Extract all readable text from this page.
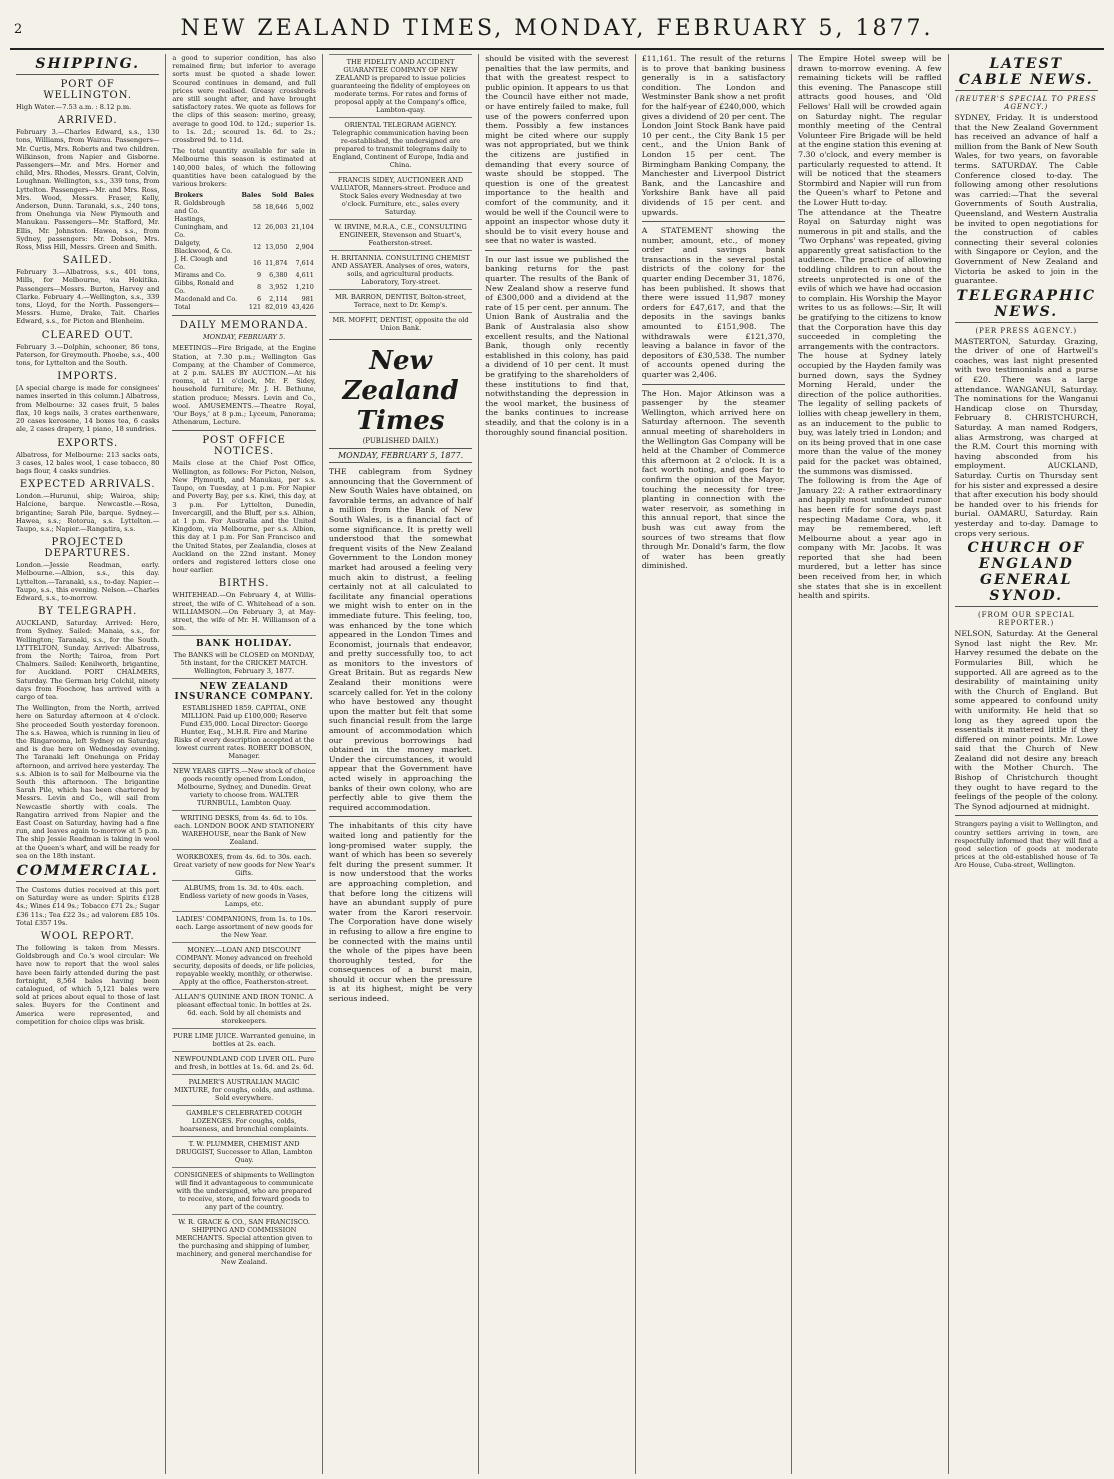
2	NEW ZEALAND TIMES, MONDAY, FEBRUARY 5, 1877.
SHIPPING.
PORT OF WELLINGTON.

High Water.—7.53 a.m. : 8.12 p.m.

ARRIVED.

February 3.—Charles Edward, s.s., 130 tons, Williams, from Wairau. Passengers—Mr. Curtis, Mrs. Roberts and two children. Wilkinson, from Napier and Gisborne. Passengers—Mr. and Mrs. Horner and child, Mrs. Rhodes, Messrs. Grant, Colvin, Loughnan. Wellington, s.s., 339 tons, from Lyttelton. Passengers—Mr. and Mrs. Ross, Mrs. Wood, Messrs. Fraser, Kelly, Anderson, Dunn. Taranaki, s.s., 240 tons, from Onehunga via New Plymouth and Manukau. Passengers—Mr. Stafford, Mr. Ellis, Mr. Johnston. Hawea, s.s., from Sydney, passengers: Mr. Dobson, Mrs. Ross, Miss Hill, Messrs. Green and Smith.

SAILED.

February 3.—Albatross, s.s., 401 tons, Mills, for Melbourne, via Hokitika. Passengers—Messrs. Burton, Harvey and Clarke. February 4.—Wellington, s.s., 339 tons, Lloyd, for the North. Passengers—Messrs. Hume, Drake, Tait. Charles Edward, s.s., for Picton and Blenheim.

CLEARED OUT.

February 3.—Dolphin, schooner, 86 tons, Paterson, for Greymouth. Phoebe, s.s., 400 tons, for Lyttelton and the South.

IMPORTS.

[A special charge is made for consignees' names inserted in this column.] Albatross, from Melbourne: 32 cases fruit, 5 bales flax, 10 kegs nails, 3 crates earthenware, 20 cases kerosene, 14 boxes tea, 6 casks ale, 2 cases drapery, 1 piano, 18 sundries.

EXPORTS.

Albatross, for Melbourne: 213 sacks oats, 3 cases, 12 bales wool, 1 case tobacco, 80 bags flour, 4 casks sundries.

EXPECTED ARRIVALS.

London.—Hurunui, ship; Wairoa, ship; Halcione, barque. Newcastle.—Rosa, brigantine; Sarah Pile, barque. Sydney.—Hawea, s.s.; Rotorua, s.s. Lyttelton.—Taupo, s.s.; Napier.—Rangatira, s.s.

PROJECTED DEPARTURES.

London.—Jessie Readman, early. Melbourne.—Albion, s.s., this day. Lyttelton.—Taranaki, s.s., to-day. Napier.—Taupo, s.s., this evening. Nelson.—Charles Edward, s.s., to-morrow.

BY TELEGRAPH.

AUCKLAND, Saturday. Arrived: Hero, from Sydney. Sailed: Manaia, s.s., for Wellington; Taranaki, s.s., for the South. LYTTELTON, Sunday. Arrived: Albatross, from the North; Tairoa, from Port Chalmers. Sailed: Kenilworth, brigantine, for Auckland. PORT CHALMERS, Saturday. The German brig Colchil, ninety days from Foochow, has arrived with a cargo of tea.

The Wellington, from the North, arrived here on Saturday afternoon at 4 o'clock. She proceeded South yesterday forenoon. The s.s. Hawea, which is running in lieu of the Ringarooma, left Sydney on Saturday, and is due here on Wednesday evening. The Taranaki left Onehunga on Friday afternoon, and arrived here yesterday. The s.s. Albion is to sail for Melbourne via the South this afternoon. The brigantine Sarah Pile, which has been chartered by Messrs. Levin and Co., will sail from Newcastle shortly with coals. The Rangatira arrived from Napier and the East Coast on Saturday, having had a fine run, and leaves again to-morrow at 5 p.m. The ship Jessie Readman is taking in wool at the Queen's wharf, and will be ready for sea on the 18th instant.

COMMERCIAL.

The Customs duties received at this port on Saturday were as under: Spirits £128 4s.; Wines £14 9s.; Tobacco £71 2s.; Sugar £36 11s.; Tea £22 3s.; ad valorem £85 10s. Total £357 19s.

WOOL REPORT.

The following is taken from Messrs. Goldsbrough and Co.'s wool circular: We have now to report that the wool sales have been fairly attended during the past fortnight, 8,564 bales having been catalogued, of which 5,121 bales were sold at prices about equal to those of last sales. Buyers for the Continent and America were represented, and competition for choice clips was brisk.

a good to superior condition, has also remained firm; but inferior to average sorts must be quoted a shade lower. Scoured continues in demand, and full prices were realised. Greasy crossbreds are still sought after, and have brought satisfactory rates. We quote as follows for the clips of this season: merino, greasy, average to good 10d. to 12d.; superior 1s. to 1s. 2d.; scoured 1s. 6d. to 2s.; crossbred 9d. to 11d.

The total quantity available for sale in Melbourne this season is estimated at 140,000 bales, of which the following quantities have been catalogued by the various brokers:

Brokers	Bales	Sold	Bales
R. Goldsbrough and Co.	58	18,646	5,002
Hastings, Cuningham, and Co.	12	26,003	21,104
Dalgety, Blackwood, & Co.	12	13,050	2,904
J. H. Clough and Co.	16	11,874	7,614
Mirams and Co.	9	6,380	4,611
Gibbs, Ronald and Co.	8	3,952	1,210
Macdonald and Co.	6	2,114	981
Total	121	82,019	43,426
DAILY MEMORANDA.

MONDAY, FEBRUARY 5.

MEETINGS—Fire Brigade, at the Engine Station, at 7.30 p.m.; Wellington Gas Company, at the Chamber of Commerce, at 2 p.m. SALES BY AUCTION.—At his rooms, at 11 o'clock, Mr. F. Sidey, household furniture; Mr. J. H. Bethune, station produce; Messrs. Levin and Co., wool. AMUSEMENTS.—Theatre Royal, 'Our Boys,' at 8 p.m.; Lyceum, Panorama; Athenæum, Lecture.

POST OFFICE NOTICES.

Mails close at the Chief Post Office, Wellington, as follows: For Picton, Nelson, New Plymouth, and Manukau, per s.s. Taupo, on Tuesday, at 1 p.m. For Napier and Poverty Bay, per s.s. Kiwi, this day, at 3 p.m. For Lyttelton, Dunedin, Invercargill, and the Bluff, per s.s. Albion, at 1 p.m. For Australia and the United Kingdom, via Melbourne, per s.s. Albion, this day at 1 p.m. For San Francisco and the United States, per Zealandia, closes at Auckland on the 22nd instant. Money orders and registered letters close one hour earlier.

BIRTHS.

WHITEHEAD.—On February 4, at Willis-street, the wife of C. Whitehead of a son. WILLIAMSON.—On February 3, at May-street, the wife of Mr. H. Williamson of a son.

BANK HOLIDAY.

The BANKS will be CLOSED on MONDAY, 5th instant, for the CRICKET MATCH. Wellington, February 3, 1877.

NEW ZEALAND INSURANCE COMPANY.

ESTABLISHED 1859. CAPITAL, ONE MILLION. Paid up £100,000; Reserve Fund £35,000. Local Director: George Hunter, Esq., M.H.R. Fire and Marine Risks of every description accepted at the lowest current rates. ROBERT DOBSON, Manager.

NEW YEARS GIFTS.—New stock of choice goods recently opened from London, Melbourne, Sydney, and Dunedin. Great variety to choose from. WALTER TURNBULL, Lambton Quay.

WRITING DESKS, from 4s. 6d. to 10s. each. LONDON BOOK AND STATIONERY WAREHOUSE, near the Bank of New Zealand.

WORKBOXES, from 4s. 6d. to 30s. each. Great variety of new goods for New Year's Gifts.

ALBUMS, from 1s. 3d. to 40s. each. Endless variety of new goods in Vases, Lamps, etc.

LADIES' COMPANIONS, from 1s. to 10s. each. Large assortment of new goods for the New Year.

MONEY.—LOAN AND DISCOUNT COMPANY. Money advanced on freehold security, deposits of deeds, or life policies, repayable weekly, monthly, or otherwise. Apply at the office, Featherston-street.

ALLAN'S QUININE AND IRON TONIC. A pleasant effectual tonic. In bottles at 2s. 6d. each. Sold by all chemists and storekeepers.

PURE LIME JUICE. Warranted genuine, in bottles at 2s. each.

NEWFOUNDLAND COD LIVER OIL. Pure and fresh, in bottles at 1s. 6d. and 2s. 6d.

PALMER'S AUSTRALIAN MAGIC MIXTURE, for coughs, colds, and asthma. Sold everywhere.

GAMBLE'S CELEBRATED COUGH LOZENGES. For coughs, colds, hoarseness, and bronchial complaints.

T. W. PLUMMER, CHEMIST AND DRUGGIST, Successor to Allan, Lambton Quay.

CONSIGNEES of shipments to Wellington will find it advantageous to communicate with the undersigned, who are prepared to receive, store, and forward goods to any part of the country.

W. R. GRACE & CO., SAN FRANCISCO. SHIPPING AND COMMISSION MERCHANTS. Special attention given to the purchasing and shipping of lumber, machinery, and general merchandise for New Zealand.

THE FIDELITY AND ACCIDENT GUARANTEE COMPANY OF NEW ZEALAND is prepared to issue policies guaranteeing the fidelity of employees on moderate terms. For rates and forms of proposal apply at the Company's office, Lambton-quay.

ORIENTAL TELEGRAM AGENCY. Telegraphic communication having been re-established, the undersigned are prepared to transmit telegrams daily to England, Continent of Europe, India and China.

FRANCIS SIDEY, AUCTIONEER AND VALUATOR, Manners-street. Produce and Stock Sales every Wednesday at two o'clock. Furniture, etc., sales every Saturday.

W. IRVINE, M.R.A., C.E., CONSULTING ENGINEER, Stevenson and Stuart's, Featherston-street.

H. BRITANNIA. CONSULTING CHEMIST AND ASSAYER. Analyses of ores, waters, soils, and agricultural products. Laboratory, Tory-street.

MR. BARRON, DENTIST, Bolton-street, Terrace, next to Dr. Kemp's.

MR. MOFFIT, DENTIST, opposite the old Union Bank.

New Zealand Times
(PUBLISHED DAILY.)
MONDAY, FEBRUARY 5, 1877.

THE cablegram from Sydney announcing that the Government of New South Wales have obtained, on favorable terms, an advance of half a million from the Bank of New South Wales, is a financial fact of some significance. It is pretty well understood that the somewhat frequent visits of the New Zealand Government to the London money market had aroused a feeling very much akin to distrust, a feeling certainly not at all calculated to facilitate any financial operations we might wish to enter on in the immediate future. This feeling, too, was enhanced by the tone which appeared in the London Times and Economist, journals that endeavor, and pretty successfully too, to act as monitors to the investors of Great Britain. But as regards New Zealand their monitions were scarcely called for. Yet in the colony who have bestowed any thought upon the matter but felt that some such financial result from the large amount of accommodation which our previous borrowings had obtained in the money market. Under the circumstances, it would appear that the Government have acted wisely in approaching the banks of their own colony, who are perfectly able to give them the required accommodation.

The inhabitants of this city have waited long and patiently for the long-promised water supply, the want of which has been so severely felt during the present summer. It is now understood that the works are approaching completion, and that before long the citizens will have an abundant supply of pure water from the Karori reservoir. The Corporation have done wisely in refusing to allow a fire engine to be connected with the mains until the whole of the pipes have been thoroughly tested, for the consequences of a burst main, should it occur when the pressure is at its highest, might be very serious indeed.

should be visited with the severest penalties that the law permits, and that with the greatest respect to public opinion. It appears to us that the Council have either not made, or have entirely failed to make, full use of the powers conferred upon them. Possibly a few instances might be cited where our supply was not appropriated, but we think the citizens are justified in demanding that every source of waste should be stopped. The question is one of the greatest importance to the health and comfort of the community, and it would be well if the Council were to appoint an inspector whose duty it should be to visit every house and see that no water is wasted.

In our last issue we published the banking returns for the past quarter. The results of the Bank of New Zealand show a reserve fund of £300,000 and a dividend at the rate of 15 per cent. per annum. The Union Bank of Australia and the Bank of Australasia also show excellent results, and the National Bank, though only recently established in this colony, has paid a dividend of 10 per cent. It must be gratifying to the shareholders of these institutions to find that, notwithstanding the depression in the wool market, the business of the banks continues to increase steadily, and that the colony is in a thoroughly sound financial position.

£11,161. The result of the returns is to prove that banking business generally is in a satisfactory condition. The London and Westminster Bank show a net profit for the half-year of £240,000, which gives a dividend of 20 per cent. The London Joint Stock Bank have paid 10 per cent., the City Bank 15 per cent., and the Union Bank of London 15 per cent. The Birmingham Banking Company, the Manchester and Liverpool District Bank, and the Lancashire and Yorkshire Bank have all paid dividends of 15 per cent. and upwards.

A STATEMENT showing the number, amount, etc., of money order and savings bank transactions in the several postal districts of the colony for the quarter ending December 31, 1876, has been published. It shows that there were issued 11,987 money orders for £47,617, and that the deposits in the savings banks amounted to £151,908. The withdrawals were £121,370, leaving a balance in favor of the depositors of £30,538. The number of accounts opened during the quarter was 2,406.

The Hon. Major Atkinson was a passenger by the steamer Wellington, which arrived here on Saturday afternoon. The seventh annual meeting of shareholders in the Wellington Gas Company will be held at the Chamber of Commerce this afternoon at 2 o'clock. It is a fact worth noting, and goes far to confirm the opinion of the Mayor, touching the necessity for tree-planting in connection with the water reservoir, as something in this annual report, that since the bush was cut away from the sources of two streams that flow through Mr. Donald's farm, the flow of water has been greatly diminished.

The Empire Hotel sweep will be drawn to-morrow evening. A few remaining tickets will be raffled this evening. The Panascope still attracts good houses, and 'Old Fellows' Hall will be crowded again on Saturday night. The regular monthly meeting of the Central Volunteer Fire Brigade will be held at the engine station this evening at 7.30 o'clock, and every member is particularly requested to attend. It will be noticed that the steamers Stormbird and Napier will run from the Queen's wharf to Petone and the Lower Hutt to-day.

The attendance at the Theatre Royal on Saturday night was numerous in pit and stalls, and the 'Two Orphans' was repeated, giving apparently great satisfaction to the audience. The practice of allowing toddling children to run about the streets unprotected is one of the evils of which we have had occasion to complain. His Worship the Mayor writes to us as follows:—Sir, It will be gratifying to the citizens to know that the Corporation have this day succeeded in completing the arrangements with the contractors.

The house at Sydney lately occupied by the Hayden family was burned down, says the Sydney Morning Herald, under the direction of the police authorities. The legality of selling packets of lollies with cheap jewellery in them, as an inducement to the public to buy, was lately tried in London; and on its being proved that in one case more than the value of the money paid for the packet was obtained, the summons was dismissed.

The following is from the Age of January 22: A rather extraordinary and happily most unfounded rumor has been rife for some days past respecting Madame Cora, who, it may be remembered, left Melbourne about a year ago in company with Mr. Jacobs. It was reported that she had been murdered, but a letter has since been received from her, in which she states that she is in excellent health and spirits.

LATEST CABLE NEWS.
(REUTER'S SPECIAL TO PRESS AGENCY.)

SYDNEY, Friday. It is understood that the New Zealand Government has received an advance of half a million from the Bank of New South Wales, for two years, on favorable terms. SATURDAY. The Cable Conference closed to-day. The following among other resolutions was carried:—That the several Governments of South Australia, Queensland, and Western Australia be invited to open negotiations for the construction of cables connecting their several colonies with Singapore or Ceylon, and the Government of New Zealand and Victoria be asked to join in the guarantee.

TELEGRAPHIC NEWS.
(PER PRESS AGENCY.)

MASTERTON, Saturday. Grazing, the driver of one of Hartwell's coaches, was last night presented with two testimonials and a purse of £20. There was a large attendance. WANGANUI, Saturday. The nominations for the Wanganui Handicap close on Thursday, February 8. CHRISTCHURCH, Saturday. A man named Rodgers, alias Armstrong, was charged at the R.M. Court this morning with having absconded from his employment. AUCKLAND, Saturday. Curtis on Thursday sent for his sister and expressed a desire that after execution his body should be handed over to his friends for burial. OAMARU, Saturday. Rain yesterday and to-day. Damage to crops very serious.

CHURCH OF ENGLAND GENERAL SYNOD.
(FROM OUR SPECIAL REPORTER.)

NELSON, Saturday. At the General Synod last night the Rev. Mr. Harvey resumed the debate on the Formularies Bill, which he supported. All are agreed as to the desirability of maintaining unity with the Church of England. But some appeared to confound unity with uniformity. He held that so long as they agreed upon the essentials it mattered little if they differed on minor points. Mr. Lowe said that the Church of New Zealand did not desire any breach with the Mother Church. The Bishop of Christchurch thought they ought to have regard to the feelings of the people of the colony. The Synod adjourned at midnight.

Strangers paying a visit to Wellington, and country settlers arriving in town, are respectfully informed that they will find a good selection of goods at moderate prices at the old-established house of Te Aro House, Cuba-street, Wellington.
